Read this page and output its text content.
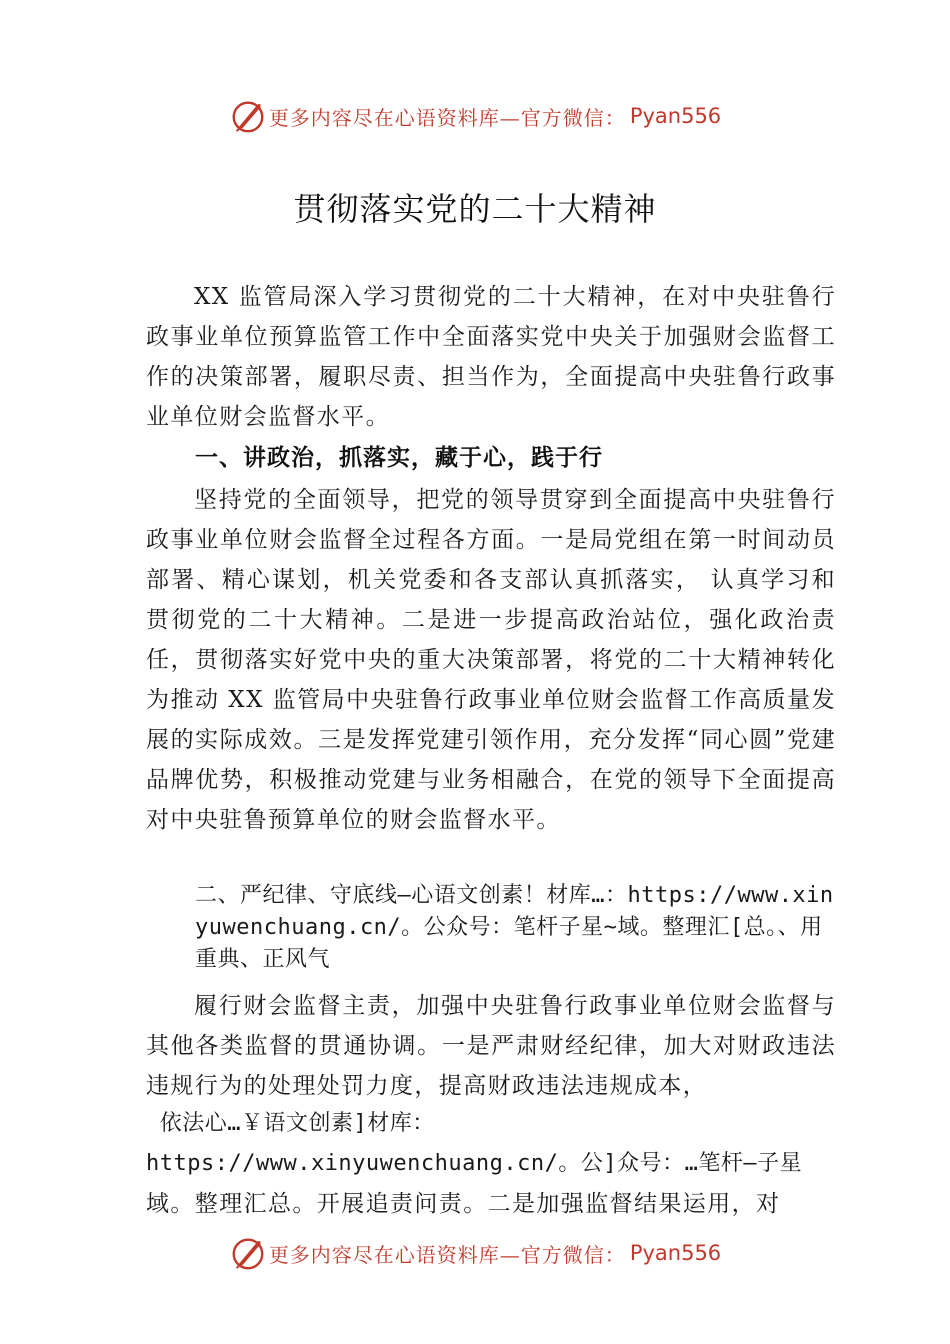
更多内容尽在心语资料库—官方微信： Pyan556
贯彻落实党的二十大精神

XX 监管局深入学习贯彻党的二十大精神，在对中央驻鲁行政事业单位预算监管工作中全面落实党中央关于加强财会监督工作的决策部署，履职尽责、担当作为，全面提高中央驻鲁行政事业单位财会监督水平。

一、讲政治，抓落实，藏于心，践于行

坚持党的全面领导，把党的领导贯穿到全面提高中央驻鲁行政事业单位财会监督全过程各方面。一是局党组在第一时间动员部署、精心谋划，机关党委和各支部认真抓落实， 认真学习和贯彻党的二十大精神。二是进一步提高政治站位，强化政治责任，贯彻落实好党中央的重大决策部署，将党的二十大精神转化为推动 XX 监管局中央驻鲁行政事业单位财会监督工作高质量发展的实际成效。三是发挥党建引领作用，充分发挥“同心圆”党建品牌优势，积极推动党建与业务相融合，在党的领导下全面提高对中央驻鲁预算单位的财会监督水平。

二、严纪律、守底线—心语文创素！材库…：https://www.xinyuwenchuang.cn/。公众号：笔杆子星~域。整理汇[总。、用重典、正风气

履行财会监督主责，加强中央驻鲁行政事业单位财会监督与其他各类监督的贯通协调。一是严肃财经纪律，加大对财政违法违规行为的处理处罚力度，提高财政违法违规成本，

依法心…￥语文创素]材库：

https://www.xinyuwenchuang.cn/。公]众号：…笔杆—子星

域。整理汇总。开展追责问责。二是加强监督结果运用，对

更多内容尽在心语资料库—官方微信： Pyan556
